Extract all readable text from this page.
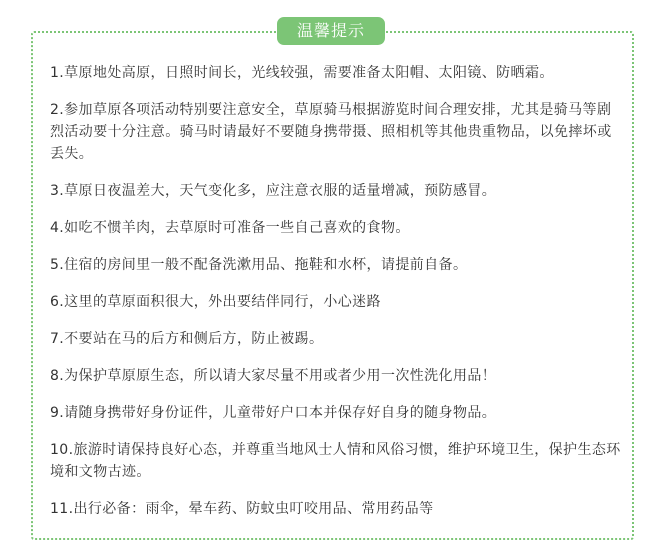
温馨提示
1.草原地处高原，日照时间长，光线较强，需要准备太阳帽、太阳镜、防晒霜。
2.参加草原各项活动特别要注意安全，草原骑马根据游览时间合理安排，尤其是骑马等剧烈活动要十分注意。骑马时请最好不要随身携带摄、照相机等其他贵重物品，以免摔坏或丢失。
3.草原日夜温差大，天气变化多，应注意衣服的适量增减，预防感冒。
4.如吃不惯羊肉，去草原时可准备一些自己喜欢的食物。
5.住宿的房间里一般不配备洗漱用品、拖鞋和水杯，请提前自备。
6.这里的草原面积很大，外出要结伴同行，小心迷路
7.不要站在马的后方和侧后方，防止被踢。
8.为保护草原原生态，所以请大家尽量不用或者少用一次性洗化用品！
9.请随身携带好身份证件，儿童带好户口本并保存好自身的随身物品。
10.旅游时请保持良好心态，并尊重当地风士人情和风俗习惯，维护环境卫生，保护生态环境和文物古迹。
11.出行必备：雨伞，晕车药、防蚊虫叮咬用品、常用药品等
